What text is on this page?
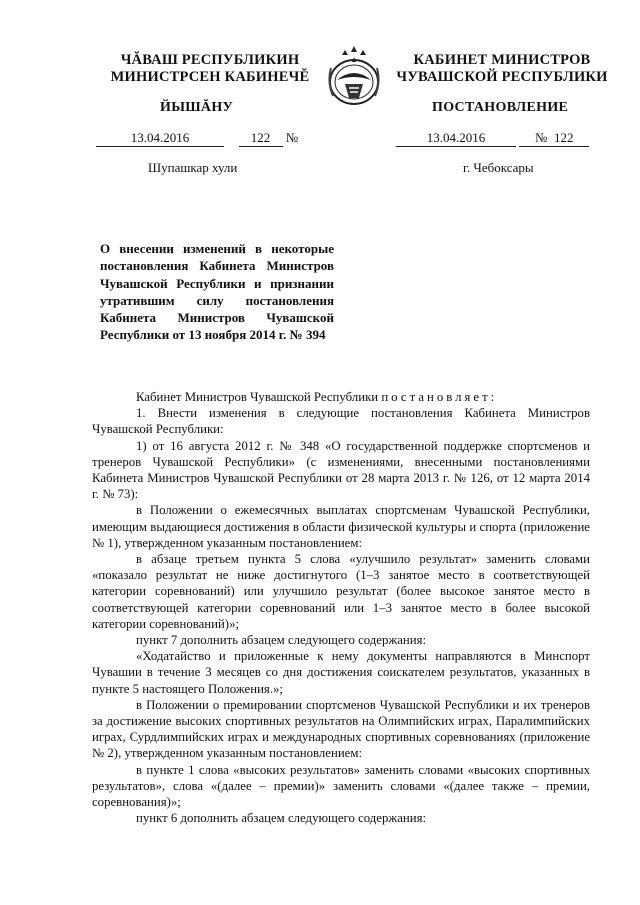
ЧĂВАШ РЕСПУБЛИКИН
МИНИСТРСЕН КАБИНЕЧĔ
ЙЫШĂНУ
КАБИНЕТ МИНИСТРОВ
ЧУВАШСКОЙ РЕСПУБЛИКИ
ПОСТАНОВЛЕНИЕ
13.04.2016	122 №	13.04.2016	№ 122
Шупашкар хули	г. Чебоксары
О внесении изменений в некоторые постановления Кабинета Министров Чувашской Республики и признании утратившим силу постановления Кабинета Министров Чувашской Республики от 13 ноября 2014 г. № 394

Кабинет Министров Чувашской Республики постановляет:

1. Внести изменения в следующие постановления Кабинета Министров Чувашской Республики:

1) от 16 августа 2012 г. № 348 «О государственной поддержке спортсменов и тренеров Чувашской Республики» (с изменениями, внесенными постановлениями Кабинета Министров Чувашской Республики от 28 марта 2013 г. № 126, от 12 марта 2014 г. № 73):

в Положении о ежемесячных выплатах спортсменам Чувашской Республики, имеющим выдающиеся достижения в области физической культуры и спорта (приложение № 1), утвержденном указанным постановлением:

в абзаце третьем пункта 5 слова «улучшило результат» заменить словами «показало результат не ниже достигнутого (1–3 занятое место в соответствующей категории соревнований) или улучшило результат (более высокое занятое место в соответствующей категории соревнований или 1–3 занятое место в более высокой категории соревнований)»;

пункт 7 дополнить абзацем следующего содержания:

«Ходатайство и приложенные к нему документы направляются в Минспорт Чувашии в течение 3 месяцев со дня достижения соискателем результатов, указанных в пункте 5 настоящего Положения.»;

в Положении о премировании спортсменов Чувашской Республики и их тренеров за достижение высоких спортивных результатов на Олимпийских играх, Паралимпийских играх, Сурдлимпийских играх и международных спортивных соревнованиях (приложение № 2), утвержденном указанным постановлением:

в пункте 1 слова «высоких результатов» заменить словами «высоких спортивных результатов», слова «(далее – премии)» заменить словами «(далее также – премии, соревнования)»;

пункт 6 дополнить абзацем следующего содержания:
